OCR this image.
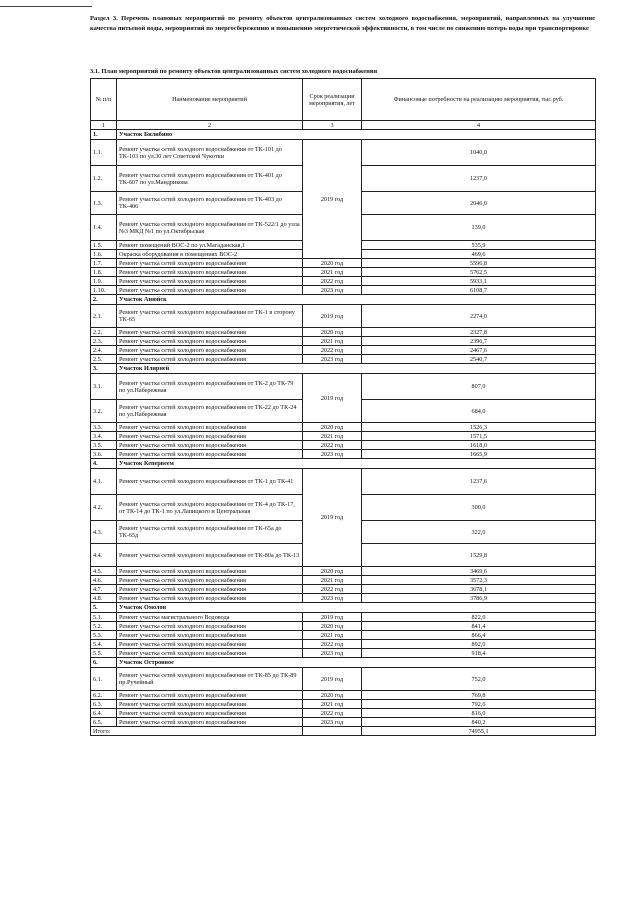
Раздел 3. Перечень плановых мероприятий по ремонту объектов централизованных систем холодного водоснабжения, мероприятий, направленных на улучшение качества питьевой воды, мероприятий по энергосбережению и повышению энергетической эффективности, в том числе по снижению потерь воды при транспортировке
3.1. План мероприятий по ремонту объектов централизованных систем холодного водоснабжения
№ п/п	Наименование мероприятий	Срок реализации мероприятия, лет	Финансовые потребности на реализацию мероприятия, тыс.руб.
1	2	3	4
1.	Участок Билибино		
1.1.	Ремонт участка сетей холодного водоснабжения от ТК-101 до ТК-103 по ул.30 лет Советской Чукотки	2019 год	1040,0
1.2.	Ремонт участка сетей холодного водоснабжения от ТК-401 до ТК-607 по ул.Мандрикова		1237,0
1.3.	Ремонт участка сетей холодного водоснабжения от ТК-403 до ТК-406		2046,0
1.4.	Ремонт участка сетей холодного водоснабжения от ТК-522/1 до узла №3 МКД №1 по ул.Октябрьская		139,0
1.5.	Ремонт помещений ВОС-2 по ул.Магаданская,1		535,9
1.6.	Окраска оборудования в помещениях ВОС-2		469,6
1.7.	Ремонт участка сетей холодного водоснабжения	2020 год	5596,8
1.8.	Ремонт участка сетей холодного водоснабжения	2021 год	5762,5
1.9.	Ремонт участка сетей холодного водоснабжения	2022 год	5933,1
1.10.	Ремонт участка сетей холодного водоснабжения	2023 год	6108,7
2.	Участок Анюйск		
2.1.	Ремонт участка сетей холодного водоснабжения от ТК-1 в сторону ТК-65	2019 год	2274,0
2.2.	Ремонт участка сетей холодного водоснабжения	2020 год	2327,8
2.3.	Ремонт участка сетей холодного водоснабжения	2021 год	2396,7
2.4.	Ремонт участка сетей холодного водоснабжения	2022 год	2467,6
2.5.	Ремонт участка сетей холодного водоснабжения	2023 год	2540,7
3.	Участок Илирней		
3.1.	Ремонт участка сетей холодного водоснабжения от ТК-2 до ТК-79 по ул.Набережная	2019 год	807,0
3.2.	Ремонт участка сетей холодного водоснабжения от ТК-22 до ТК-24 по ул.Набережная		684,0
3.3.	Ремонт участка сетей холодного водоснабжения	2020 год	1526,3
3.4.	Ремонт участка сетей холодного водоснабжения	2021 год	1571,5
3.5.	Ремонт участка сетей холодного водоснабжения	2022 год	1618,0
3.6.	Ремонт участка сетей холодного водоснабжения	2023 год	1665,9
4.	Участок Кепервеем		
4.1.	Ремонт участка сетей холодного водоснабжения от ТК-1 до ТК-41	2019 год	1237,6
4.2.	Ремонт участка сетей холодного водоснабжения от ТК-4 до ТК-17, от ТК-14 до ТК-1 по ул.Лапицкого и Центральная		300,0
4.3.	Ремонт участка сетей холодного водоснабжения от ТК-65а до ТК-65д		322,0
4.4.	Ремонт участка сетей холодного водоснабжения от ТК-80а до ТК-13		1529,8
4.5.	Ремонт участка сетей холодного водоснабжения	2020 год	3469,6
4.6.	Ремонт участка сетей холодного водоснабжения	2021 год	3572,3
4.7.	Ремонт участка сетей холодного водоснабжения	2022 год	3678,1
4.8.	Ремонт участка сетей холодного водоснабжения	2023 год	3786,9
5.	Участок Омолон		
5.1.	Ремонт участка магистрального Водовода	2019 год	822,0
5.2.	Ремонт участка сетей холодного водоснабжения	2020 год	841,4
5.3.	Ремонт участка сетей холодного водоснабжения	2021 год	866,4
5.4.	Ремонт участка сетей холодного водоснабжения	2022 год	892,0
5.5.	Ремонт участка сетей холодного водоснабжения	2023 год	918,4
6.	Участок Островное		
6.1.	Ремонт участка сетей холодного водоснабжения от ТК-85 до ТК-89 пр.Ручейный	2019 год	752,0
6.2.	Ремонт участка сетей холодного водоснабжения	2020 год	769,8
6.3.	Ремонт участка сетей холодного водоснабжения	2021 год	792,6
6.4.	Ремонт участка сетей холодного водоснабжения	2022 год	816,0
6.5.	Ремонт участка сетей холодного водоснабжения	2023 год	840,2
Итого:			74955,1
